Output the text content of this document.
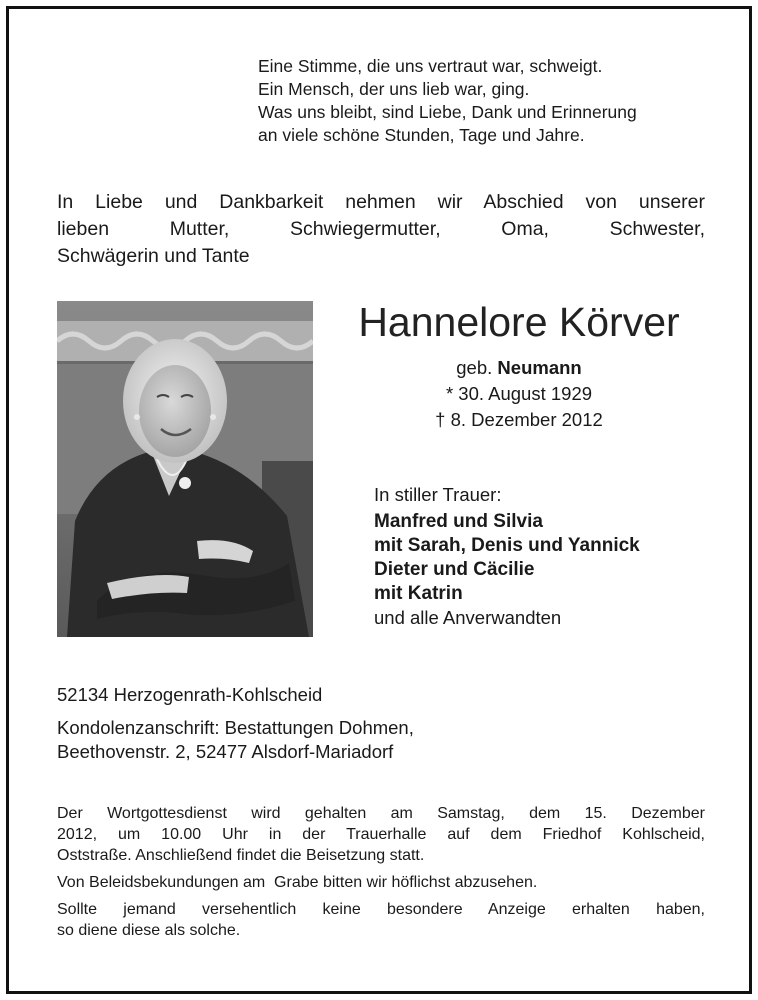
Eine Stimme, die uns vertraut war, schweigt.
Ein Mensch, der uns lieb war, ging.
Was uns bleibt, sind Liebe, Dank und Erinnerung
an viele schöne Stunden, Tage und Jahre.
In Liebe und Dankbarkeit nehmen wir Abschied von unserer
lieben Mutter, Schwiegermutter, Oma, Schwester,
Schwägerin und Tante
Hannelore Körver
geb. Neumann
* 30. August 1929
† 8. Dezember 2012
In stiller Trauer:
Manfred und Silvia
mit Sarah, Denis und Yannick
Dieter und Cäcilie
mit Katrin
und alle Anverwandten
52134 Herzogenrath-Kohlscheid
Kondolenzanschrift: Bestattungen Dohmen,
Beethovenstr. 2, 52477 Alsdorf-Mariadorf
Der Wortgottesdienst wird gehalten am Samstag, dem 15. Dezember
2012, um 10.00 Uhr in der Trauerhalle auf dem Friedhof Kohlscheid,
Oststraße. Anschließend findet die Beisetzung statt.
Von Beleidsbekundungen am  Grabe bitten wir höflichst abzusehen.
Sollte jemand versehentlich keine besondere Anzeige erhalten haben,
so diene diese als solche.
